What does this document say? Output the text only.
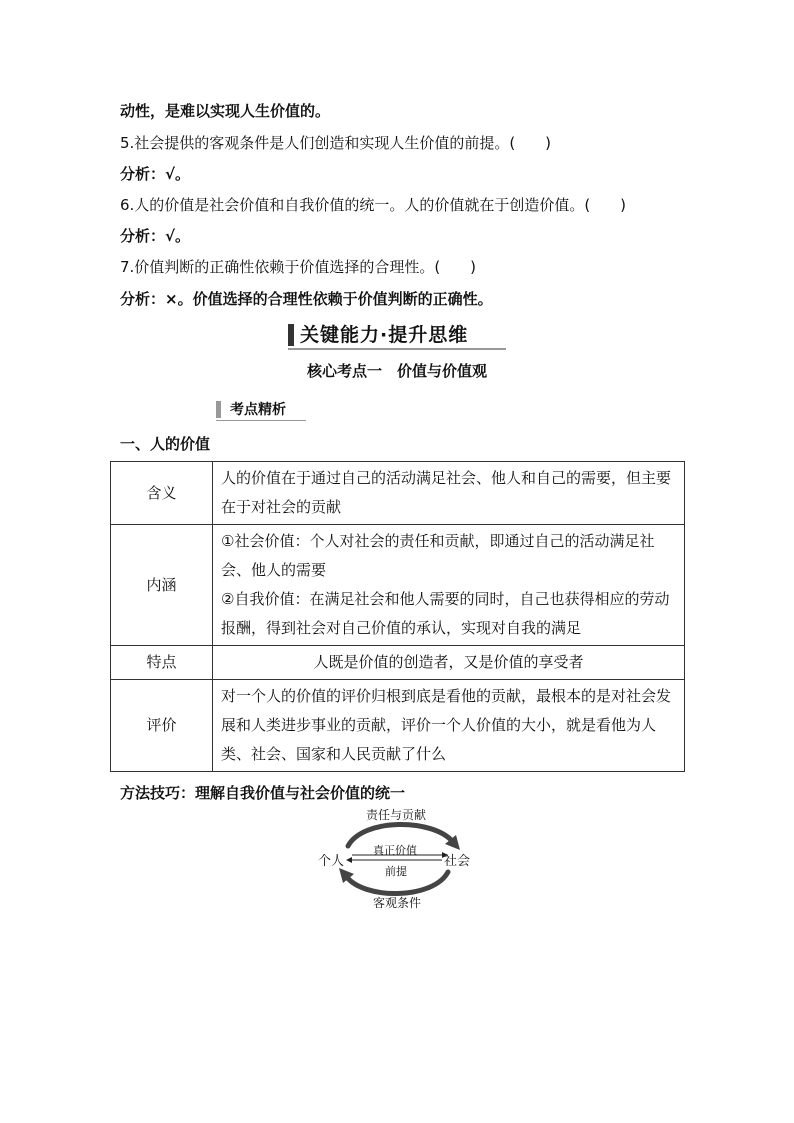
动性，是难以实现人生价值的。
5.社会提供的客观条件是人们创造和实现人生价值的前提。(　　)
分析：√。
6.人的价值是社会价值和自我价值的统一。人的价值就在于创造价值。(　　)
分析：√。
7.价值判断的正确性依赖于价值选择的合理性。(　　)
分析：×。价值选择的合理性依赖于价值判断的正确性。
关键能力·提升思维
核心考点一　价值与价值观
考点精析
一、人的价值
含义	人的价值在于通过自己的活动满足社会、他人和自己的需要，但主要在于对社会的贡献
内涵	①社会价值：个人对社会的责任和贡献，即通过自己的活动满足社会、他人的需要
②自我价值：在满足社会和他人需要的同时，自己也获得相应的劳动报酬，得到社会对自己价值的承认，实现对自我的满足

特点	人既是价值的创造者，又是价值的享受者
评价	对一个人的价值的评价归根到底是看他的贡献，最根本的是对社会发展和人类进步事业的贡献，评价一个人价值的大小，就是看他为人类、社会、国家和人民贡献了什么
方法技巧：理解自我价值与社会价值的统一
责任与贡献
个人	社会
真正价值
前提
客观条件
